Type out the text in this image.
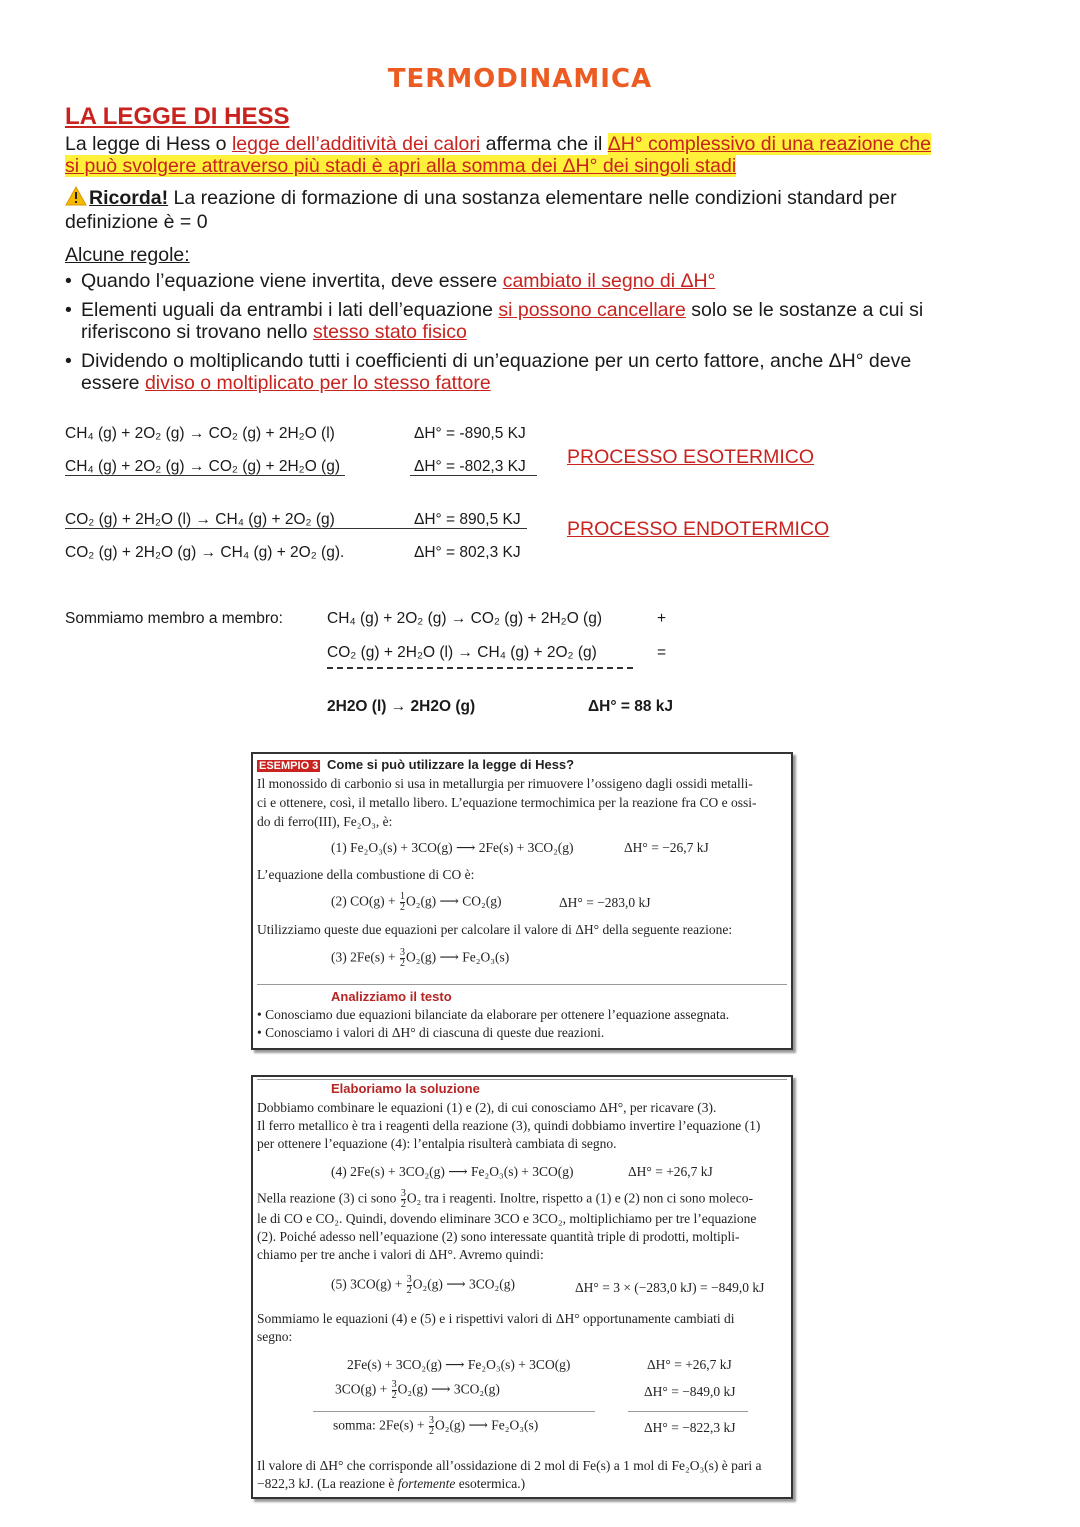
TERMODINAMICA
LA LEGGE DI HESS
La legge di Hess o legge dell’additività dei calori afferma che il ΔH° complessivo di una reazione che
si può svolgere attraverso più stadi è apri alla somma dei ΔH° dei singoli stadi
Ricorda! La reazione di formazione di una sostanza elementare nelle condizioni standard per
definizione è = 0
Alcune regole:
• Quando l’equazione viene invertita, deve essere cambiato il segno di ΔH°
• Elementi uguali da entrambi i lati dell’equazione si possono cancellare solo se le sostanze a cui si
riferiscono si trovano nello stesso stato fisico
• Dividendo o moltiplicando tutti i coefficienti di un’equazione per un certo fattore, anche ΔH° deve
essere diviso o moltiplicato per lo stesso fattore
CH₄ (g) + 2O₂ (g) → CO₂ (g) + 2H₂O (l)	ΔH° = -890,5 KJ
CH₄ (g) + 2O₂ (g) → CO₂ (g) + 2H₂O (g)	ΔH° = -802,3 KJ PROCESSO ESOTERMICO
CO₂ (g) + 2H₂O (l) → CH₄ (g) + 2O₂ (g)	ΔH° = 890,5 KJ
CO₂ (g) + 2H₂O (g) → CH₄ (g) + 2O₂ (g).	ΔH° = 802,3 KJ
PROCESSO ENDOTERMICO
Sommiamo membro a membro:	CH₄ (g) + 2O₂ (g) → CO₂ (g) + 2H₂O (g)	+
CO₂ (g) + 2H₂O (l) → CH₄ (g) + 2O₂ (g)	=
2H2O (l) → 2H2O (g)	ΔH° = 88 kJ
ESEMPIO 3 Come si può utilizzare la legge di Hess?
Il monossido di carbonio si usa in metallurgia per rimuovere l’ossigeno dagli ossidi metalli-
ci e ottenere, così, il metallo libero. L’equazione termochimica per la reazione fra CO e ossi-
do di ferro(III), Fe₂O₃, è:
(1) Fe₂O₃(s) + 3CO(g) ⟶ 2Fe(s) + 3CO₂(g)	ΔH° = −26,7 kJ
L’equazione della combustione di CO è:
(2) $CO(g) + \frac{1}{2} O_2(g)$ ⟶ CO₂(g)	ΔH° = −283,0 kJ
Utilizziamo queste due equazioni per calcolare il valore di ΔH° della seguente reazione:
(3) $2Fe(s) + \frac{3}{2} O_2(g)$ ⟶ Fe₂O₃(s)
Analizziamo il testo
• Conosciamo due equazioni bilanciate da elaborare per ottenere l’equazione assegnata.
• Conosciamo i valori di ΔH° di ciascuna di queste due reazioni.
Elaboriamo la soluzione
Dobbiamo combinare le equazioni (1) e (2), di cui conosciamo ΔH°, per ricavare (3).
Il ferro metallico è tra i reagenti della reazione (3), quindi dobbiamo invertire l’equazione (1)
per ottenere l’equazione (4): l’entalpia risulterà cambiata di segno.
(4) 2Fe(s) + 3CO₂(g) ⟶ Fe₂O₃(s) + 3CO(g)	ΔH° = +26,7 kJ
Nella reazione (3) ci sono $\frac{3}{2} O_2$ tra i reagenti. Inoltre, rispetto a (1) e (2) non ci sono moleco-
le di CO e CO₂. Quindi, dovendo eliminare 3CO e 3CO₂, moltiplichiamo per tre l’equazione
(2). Poiché adesso nell’equazione (2) sono interessate quantità triple di prodotti, moltipli-
chiamo per tre anche i valori di ΔH°. Avremo quindi:
(5) $3CO(g) + \frac{3}{2} O_2(g)$ ⟶ 3CO₂(g)	ΔH° = 3 × (−283,0 kJ) = −849,0 kJ
Sommiamo le equazioni (4) e (5) e i rispettivi valori di ΔH° opportunamente cambiati di
segno:
2Fe(s) + 3CO₂(g) ⟶ Fe₂O₃(s) + 3CO(g)	ΔH° = +26,7 kJ
$3CO(g) + \frac{3}{2} O_2(g)$ ⟶ 3CO₂(g)	ΔH° = −849,0 kJ
somma: $2Fe(s) + \frac{3}{2} O_2(g)$ ⟶ Fe₂O₃(s)	ΔH° = −822,3 kJ
Il valore di ΔH° che corrisponde all’ossidazione di 2 mol di Fe(s) a 1 mol di Fe₂O₃(s) è pari a
−822,3 kJ. (La reazione è fortemente esotermica.)
